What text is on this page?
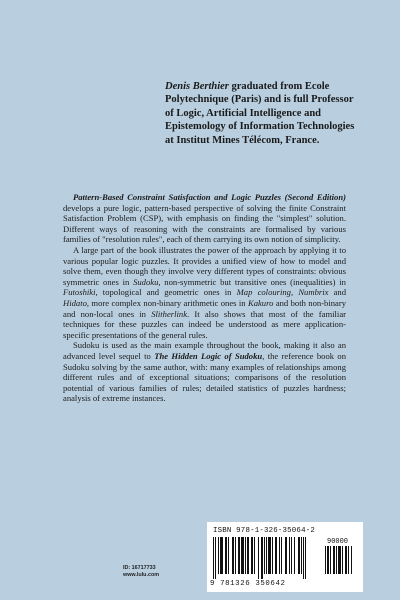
Denis Berthier graduated from Ecole Polytechnique (Paris) and is full Professor of Logic, Artificial Intelligence and Epistemology of Information Technologies at Institut Mines Télécom, France.

Pattern-Based Constraint Satisfaction and Logic Puzzles (Second Edition) develops a pure logic, pattern-based perspective of solving the finite Constraint Satisfaction Problem (CSP), with emphasis on finding the "simplest" solution. Different ways of reasoning with the constraints are formalised by various families of "resolution rules", each of them carrying its own notion of simplicity.

A large part of the book illustrates the power of the approach by applying it to various popular logic puzzles. It provides a unified view of how to model and solve them, even though they involve very different types of constraints: obvious symmetric ones in Sudoku, non-symmetric but transitive ones (inequalities) in Futoshiki, topological and geometric ones in Map colouring, Numbrix and Hidato, more complex non-binary arithmetic ones in Kakuro and both non-binary and non-local ones in Slitherlink. It also shows that most of the familiar techniques for these puzzles can indeed be understood as mere application-specific presentations of the general rules.

Sudoku is used as the main example throughout the book, making it also an advanced level sequel to The Hidden Logic of Sudoku, the reference book on Sudoku solving by the same author, with: many examples of relationships among different rules and of exceptional situations; comparisons of the resolution potential of various families of rules; detailed statistics of puzzles hardness; analysis of extreme instances.

ISBN 978-1-326-35064-2
90000
9 781326 350642
ID: 16717733
www.lulu.com
